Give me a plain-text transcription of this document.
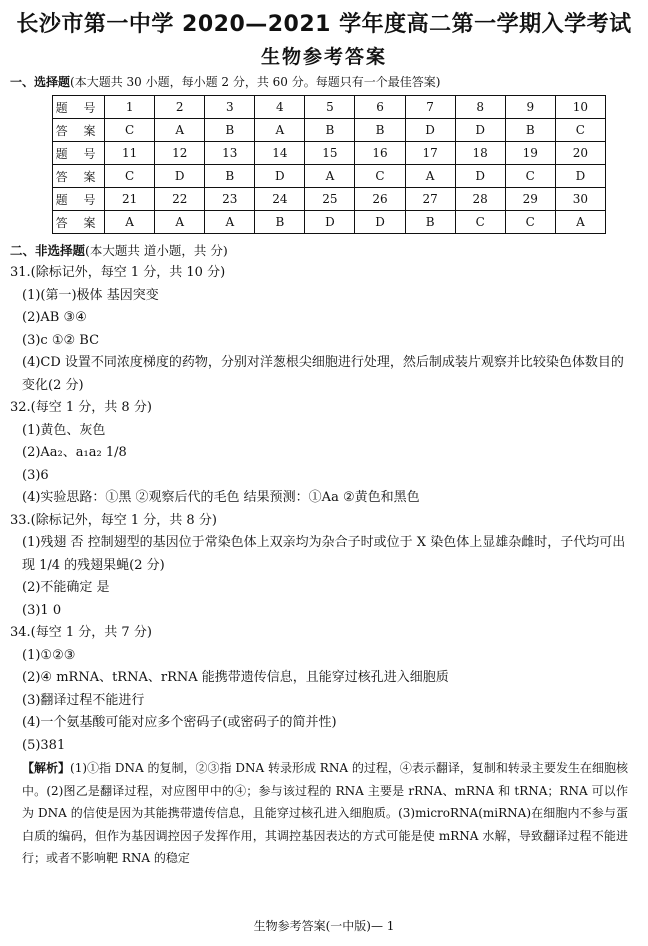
长沙市第一中学 2020—2021 学年度高二第一学期入学考试
生物参考答案
一、选择题(本大题共 30 小题，每小题 2 分，共 60 分。每题只有一个最佳答案)
题 号	1	2	3	4	5	6	7	8	9	10
答 案	C	A	B	A	B	B	D	D	B	C
题 号	11	12	13	14	15	16	17	18	19	20
答 案	C	D	B	D	A	C	A	D	C	D
题 号	21	22	23	24	25	26	27	28	29	30
答 案	A	A	A	B	D	D	B	C	C	A
二、非选择题(本大题共 道小题，共 分)
31.(除标记外，每空 1 分，共 10 分)
(1)(第一)极体 基因突变
(2)AB ③④
(3)c ①② BC
(4)CD 设置不同浓度梯度的药物，分别对洋葱根尖细胞进行处理，然后制成装片观察并比较染色体数目的变化(2 分)
32.(每空 1 分，共 8 分)
(1)黄色、灰色
(2)Aa₂、a₁a₂ 1/8
(3)6
(4)实验思路：①黑 ②观察后代的毛色 结果预测：①Aa ②黄色和黑色
33.(除标记外，每空 1 分，共 8 分)
(1)残翅 否 控制翅型的基因位于常染色体上双亲均为杂合子时或位于 X 染色体上显雄杂雌时，子代均可出现 1/4 的残翅果蝇(2 分)
(2)不能确定 是
(3)1 0
34.(每空 1 分，共 7 分)
(1)①②③
(2)④ mRNA、tRNA、rRNA 能携带遗传信息，且能穿过核孔进入细胞质
(3)翻译过程不能进行
(4)一个氨基酸可能对应多个密码子(或密码子的简并性)
(5)381
【解析】(1)①指 DNA 的复制，②③指 DNA 转录形成 RNA 的过程，④表示翻译，复制和转录主要发生在细胞核中。(2)图乙是翻译过程，对应图甲中的④；参与该过程的 RNA 主要是 rRNA、mRNA 和 tRNA；RNA 可以作为 DNA 的信使是因为其能携带遗传信息，且能穿过核孔进入细胞质。(3)microRNA(miRNA)在细胞内不参与蛋白质的编码，但作为基因调控因子发挥作用，其调控基因表达的方式可能是使 mRNA 水解，导致翻译过程不能进行；或者不影响靶 RNA 的稳定
生物参考答案(一中版)— 1
